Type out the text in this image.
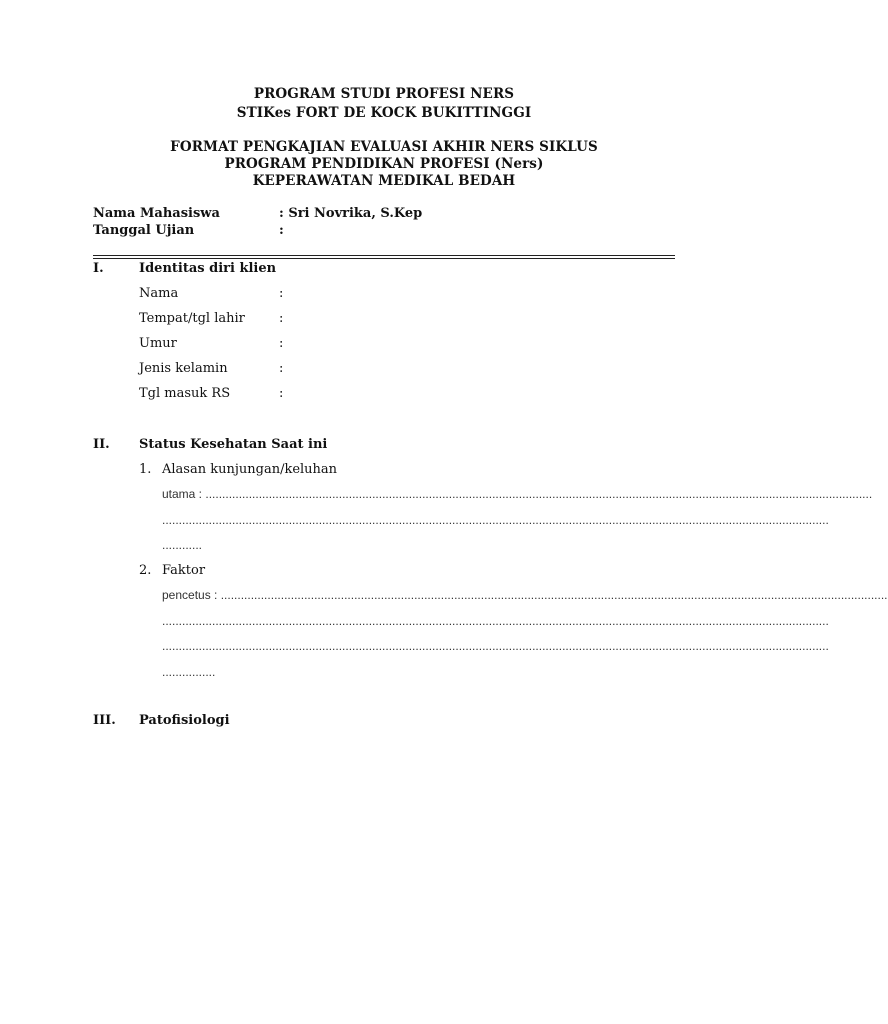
PROGRAM STUDI PROFESI NERS
STIKes FORT DE KOCK BUKITTINGGI
FORMAT PENGKAJIAN EVALUASI AKHIR NERS SIKLUS
PROGRAM PENDIDIKAN PROFESI (Ners)
KEPERAWATAN MEDIKAL BEDAH
Nama Mahasiswa	: Sri Novrika, S.Kep
Tanggal Ujian	:
I.	Identitas diri klien
Nama	:
Tempat/tgl lahir	:
Umur	:
Jenis kelamin	:
Tgl masuk RS	:
II. Status Kesehatan Saat ini
1. Alasan kunjungan/keluhan
utama : ........................................................................................................................................................................................................
........................................................................................................................................................................................................
............
2. Faktor
pencetus : ........................................................................................................................................................................................................
........................................................................................................................................................................................................
........................................................................................................................................................................................................
................
III. Patofisiologi
